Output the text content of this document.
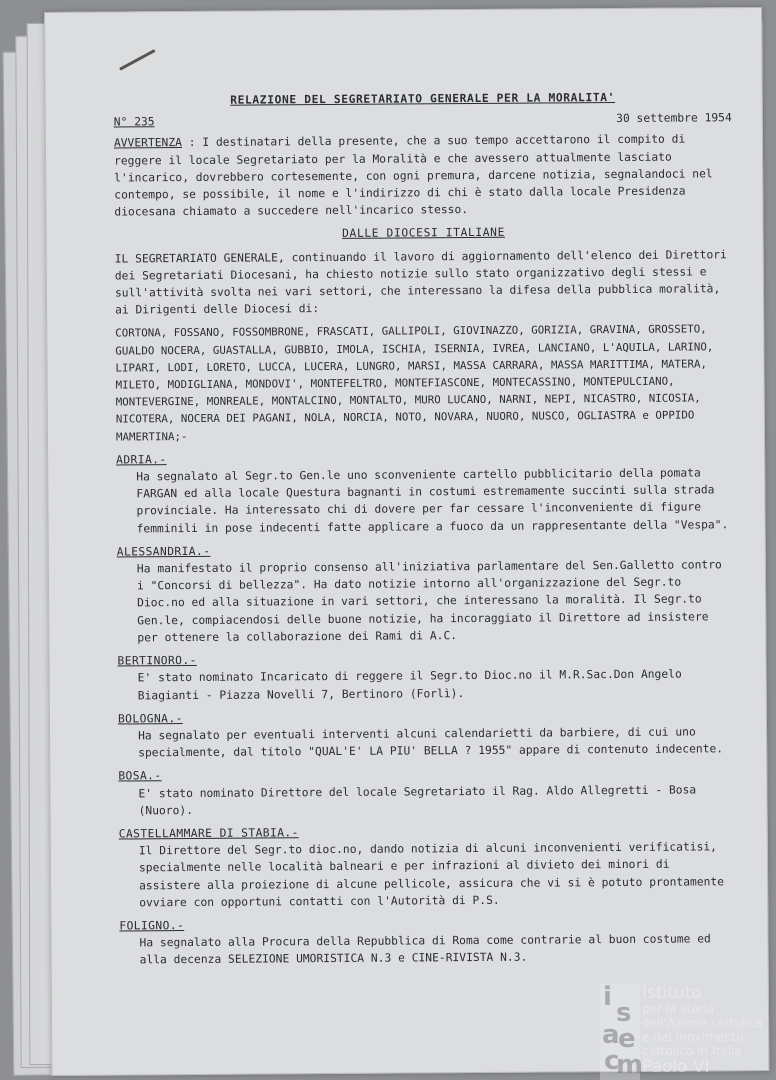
RELAZIONE DEL SEGRETARIATO GENERALE PER LA MORALITA'
N° 235	30 settembre 1954

AVVERTENZA : I destinatari della presente, che a suo tempo accettarono il compito di reggere il locale Segretariato per la Moralità e che avessero attualmente lasciato l'incarico, dovrebbero cortesemente, con ogni premura, darcene notizia, segnalandoci nel contempo, se possibile, il nome e l'indirizzo di chi è stato dalla locale Presidenza diocesana chiamato a succedere nell'incarico stesso.

DALLE DIOCESI ITALIANE

IL SEGRETARIATO GENERALE, continuando il lavoro di aggiornamento dell'elenco dei Direttori dei Segretariati Diocesani, ha chiesto notizie sullo stato organizzativo degli stessi e sull'attività svolta nei vari settori, che interessano la difesa della pubblica moralità, ai Dirigenti delle Diocesi di:

CORTONA, FOSSANO, FOSSOMBRONE, FRASCATI, GALLIPOLI, GIOVINAZZO, GORIZIA, GRAVINA, GROSSETO, GUALDO NOCERA, GUASTALLA, GUBBIO, IMOLA, ISCHIA, ISERNIA, IVREA, LANCIANO, L'AQUILA, LARINO, LIPARI, LODI, LORETO, LUCCA, LUCERA, LUNGRO, MARSI, MASSA CARRARA, MASSA MARITTIMA, MATERA, MILETO, MODIGLIANA, MONDOVI', MONTEFELTRO, MONTEFIASCONE, MONTECASSINO, MONTEPULCIANO, MONTEVERGINE, MONREALE, MONTALCINO, MONTALTO, MURO LUCANO, NARNI, NEPI, NICASTRO, NICOSIA, NICOTERA, NOCERA DEI PAGANI, NOLA, NORCIA, NOTO, NOVARA, NUORO, NUSCO, OGLIASTRA e OPPIDO MAMERTINA;-

ADRIA.-

Ha segnalato al Segr.to Gen.le uno sconveniente cartello pubblicitario della pomata FARGAN ed alla locale Questura bagnanti in costumi estremamente succinti sulla strada provinciale. Ha interessato chi di dovere per far cessare l'inconveniente di figure femminili in pose indecenti fatte applicare a fuoco da un rappresentante della "Vespa".

ALESSANDRIA.-

Ha manifestato il proprio consenso all'iniziativa parlamentare del Sen.Galletto contro i "Concorsi di bellezza". Ha dato notizie intorno all'organizzazione del Segr.to Dioc.no ed alla situazione in vari settori, che interessano la moralità. Il Segr.to Gen.le, compiacendosi delle buone notizie, ha incoraggiato il Direttore ad insistere per ottenere la collaborazione dei Rami di A.C.

BERTINORO.-

E' stato nominato Incaricato di reggere il Segr.to Dioc.no il M.R.Sac.Don Angelo Biagianti - Piazza Novelli 7, Bertinoro (Forlì).

BOLOGNA.-

Ha segnalato per eventuali interventi alcuni calendarietti da barbiere, di cui uno specialmente, dal titolo "QUAL'E' LA PIU' BELLA ? 1955" appare di contenuto indecente.

BOSA.-

E' stato nominato Direttore del locale Segretariato il Rag. Aldo Allegretti - Bosa (Nuoro).

CASTELLAMMARE DI STABIA.-

Il Direttore del Segr.to dioc.no, dando notizia di alcuni inconvenienti verificatisi, specialmente nelle località balneari e per infrazioni al divieto dei minori di assistere alla proiezione di alcune pellicole, assicura che vi si è potuto prontamente ovviare con opportuni contatti con l'Autorità di P.S.

FOLIGNO.-

Ha segnalato alla Procura della Repubblica di Roma come contrarie al buon costume ed alla decenza SELEZIONE UMORISTICA N.3 e CINE-RIVISTA N.3.

i
s
a
e
c
m
Istituto
per la storia
dell'Azione cattolica
e del movimento
cattolico in Italia
Paolo VI
